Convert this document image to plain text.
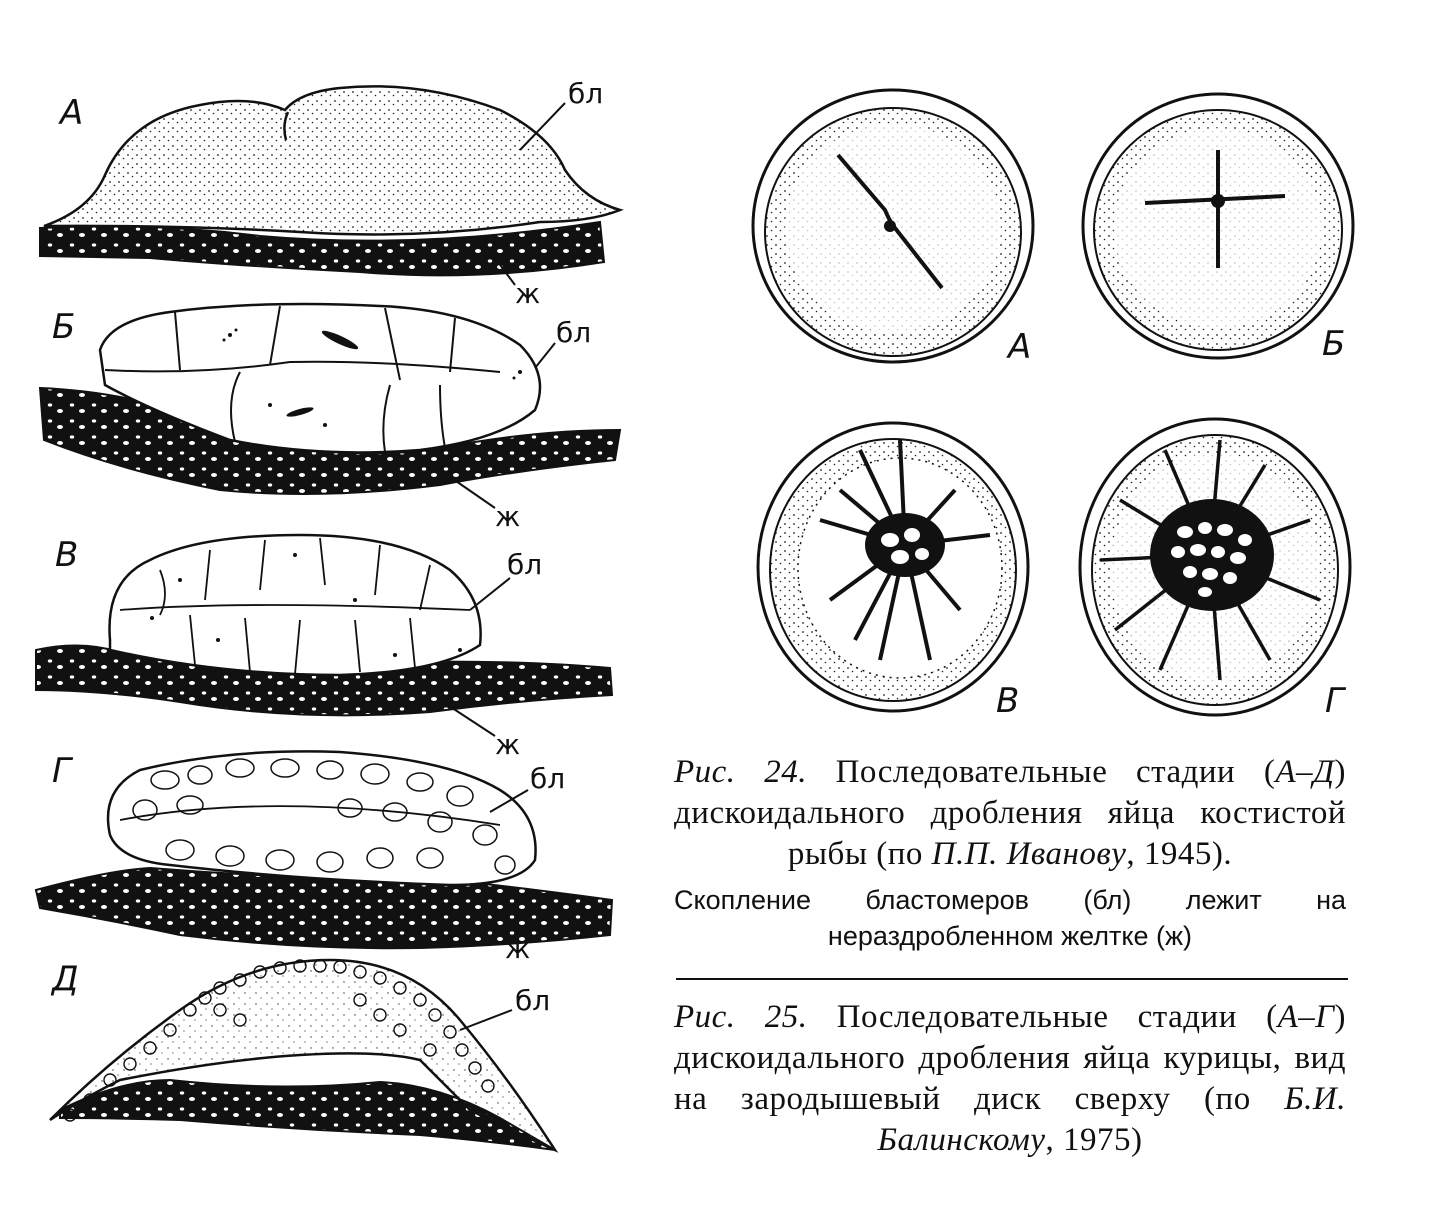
А
Б
В
Г
Д
бл
ж
бл
ж
бл
ж
бл
ж
бл
А	Б
В	Г
Рис. 24. Последовательные стадии (А–Д) дискоидального дробления яйца костистой рыбы (по П.П. Иванову, 1945).
Скопление бластомеров (бл) лежит на нераздробленном желтке (ж)
Рис. 25. Последовательные стадии (А–Г) дискоидального дробления яйца курицы, вид на зародышевый диск сверху (по Б.И. Балинскому, 1975)
